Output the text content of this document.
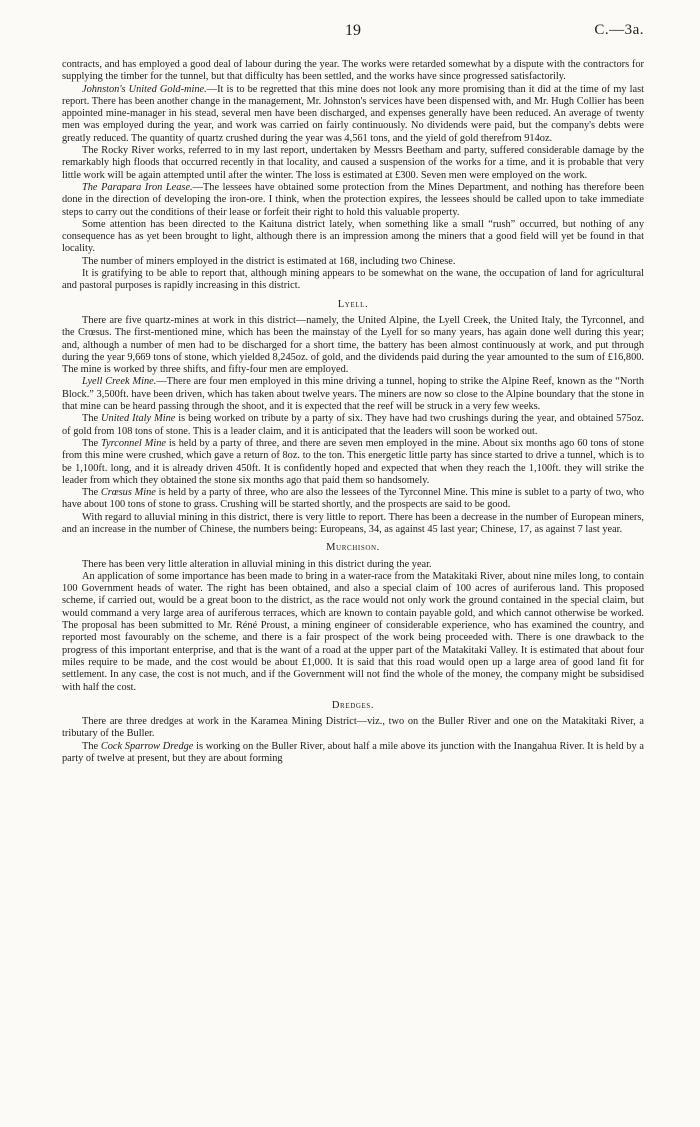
19	C.—3a.

contracts, and has employed a good deal of labour during the year. The works were retarded somewhat by a dispute with the contractors for supplying the timber for the tunnel, but that difficulty has been settled, and the works have since progressed satisfactorily.

Johnston's United Gold-mine.—It is to be regretted that this mine does not look any more promising than it did at the time of my last report. There has been another change in the management, Mr. Johnston's services have been dispensed with, and Mr. Hugh Collier has been appointed mine-manager in his stead, several men have been discharged, and expenses generally have been reduced. An average of twenty men was employed during the year, and work was carried on fairly continuously. No dividends were paid, but the company's debts were greatly reduced. The quantity of quartz crushed during the year was 4,561 tons, and the yield of gold therefrom 914oz.

The Rocky River works, referred to in my last report, undertaken by Messrs Beetham and party, suffered considerable damage by the remarkably high floods that occurred recently in that locality, and caused a suspension of the works for a time, and it is probable that very little work will be again attempted until after the winter. The loss is estimated at £300. Seven men were employed on the work.

The Parapara Iron Lease.—The lessees have obtained some protection from the Mines Department, and nothing has therefore been done in the direction of developing the iron-ore. I think, when the protection expires, the lessees should be called upon to take immediate steps to carry out the conditions of their lease or forfeit their right to hold this valuable property.

Some attention has been directed to the Kaituna district lately, when something like a small “rush” occurred, but nothing of any consequence has as yet been brought to light, although there is an impression among the miners that a good field will yet be found in that locality.

The number of miners employed in the district is estimated at 168, including two Chinese.

It is gratifying to be able to report that, although mining appears to be somewhat on the wane, the occupation of land for agricultural and pastoral purposes is rapidly increasing in this district.

Lyell.

There are five quartz-mines at work in this district—namely, the United Alpine, the Lyell Creek, the United Italy, the Tyrconnel, and the Crœsus. The first-mentioned mine, which has been the mainstay of the Lyell for so many years, has again done well during this year; and, although a number of men had to be discharged for a short time, the battery has been almost continuously at work, and put through during the year 9,669 tons of stone, which yielded 8,245oz. of gold, and the dividends paid during the year amounted to the sum of £16,800. The mine is worked by three shifts, and fifty-four men are employed.

Lyell Creek Mine.—There are four men employed in this mine driving a tunnel, hoping to strike the Alpine Reef, known as the “North Block.” 3,500ft. have been driven, which has taken about twelve years. The miners are now so close to the Alpine boundary that the stone in that mine can be heard passing through the shoot, and it is expected that the reef will be struck in a very few weeks.

The United Italy Mine is being worked on tribute by a party of six. They have had two crushings during the year, and obtained 575oz. of gold from 108 tons of stone. This is a leader claim, and it is anticipated that the leaders will soon be worked out.

The Tyrconnel Mine is held by a party of three, and there are seven men employed in the mine. About six months ago 60 tons of stone from this mine were crushed, which gave a return of 8oz. to the ton. This energetic little party has since started to drive a tunnel, which is to be 1,100ft. long, and it is already driven 450ft. It is confidently hoped and expected that when they reach the 1,100ft. they will strike the leader from which they obtained the stone six months ago that paid them so handsomely.

The Crœsus Mine is held by a party of three, who are also the lessees of the Tyrconnel Mine. This mine is sublet to a party of two, who have about 100 tons of stone to grass. Crushing will be started shortly, and the prospects are said to be good.

With regard to alluvial mining in this district, there is very little to report. There has been a decrease in the number of European miners, and an increase in the number of Chinese, the numbers being: Europeans, 34, as against 45 last year; Chinese, 17, as against 7 last year.

Murchison.

There has been very little alteration in alluvial mining in this district during the year.

An application of some importance has been made to bring in a water-race from the Matakitaki River, about nine miles long, to contain 100 Government heads of water. The right has been obtained, and also a special claim of 100 acres of auriferous land. This proposed scheme, if carried out, would be a great boon to the district, as the race would not only work the ground contained in the special claim, but would command a very large area of auriferous terraces, which are known to contain payable gold, and which cannot otherwise be worked. The proposal has been submitted to Mr. Réné Proust, a mining engineer of considerable experience, who has examined the country, and reported most favourably on the scheme, and there is a fair prospect of the work being proceeded with. There is one drawback to the progress of this important enterprise, and that is the want of a road at the upper part of the Matakitaki Valley. It is estimated that about four miles require to be made, and the cost would be about £1,000. It is said that this road would open up a large area of good land fit for settlement. In any case, the cost is not much, and if the Government will not find the whole of the money, the company might be subsidised with half the cost.

Dredges.

There are three dredges at work in the Karamea Mining District—viz., two on the Buller River and one on the Matakitaki River, a tributary of the Buller.

The Cock Sparrow Dredge is working on the Buller River, about half a mile above its junction with the Inangahua River. It is held by a party of twelve at present, but they are about forming
